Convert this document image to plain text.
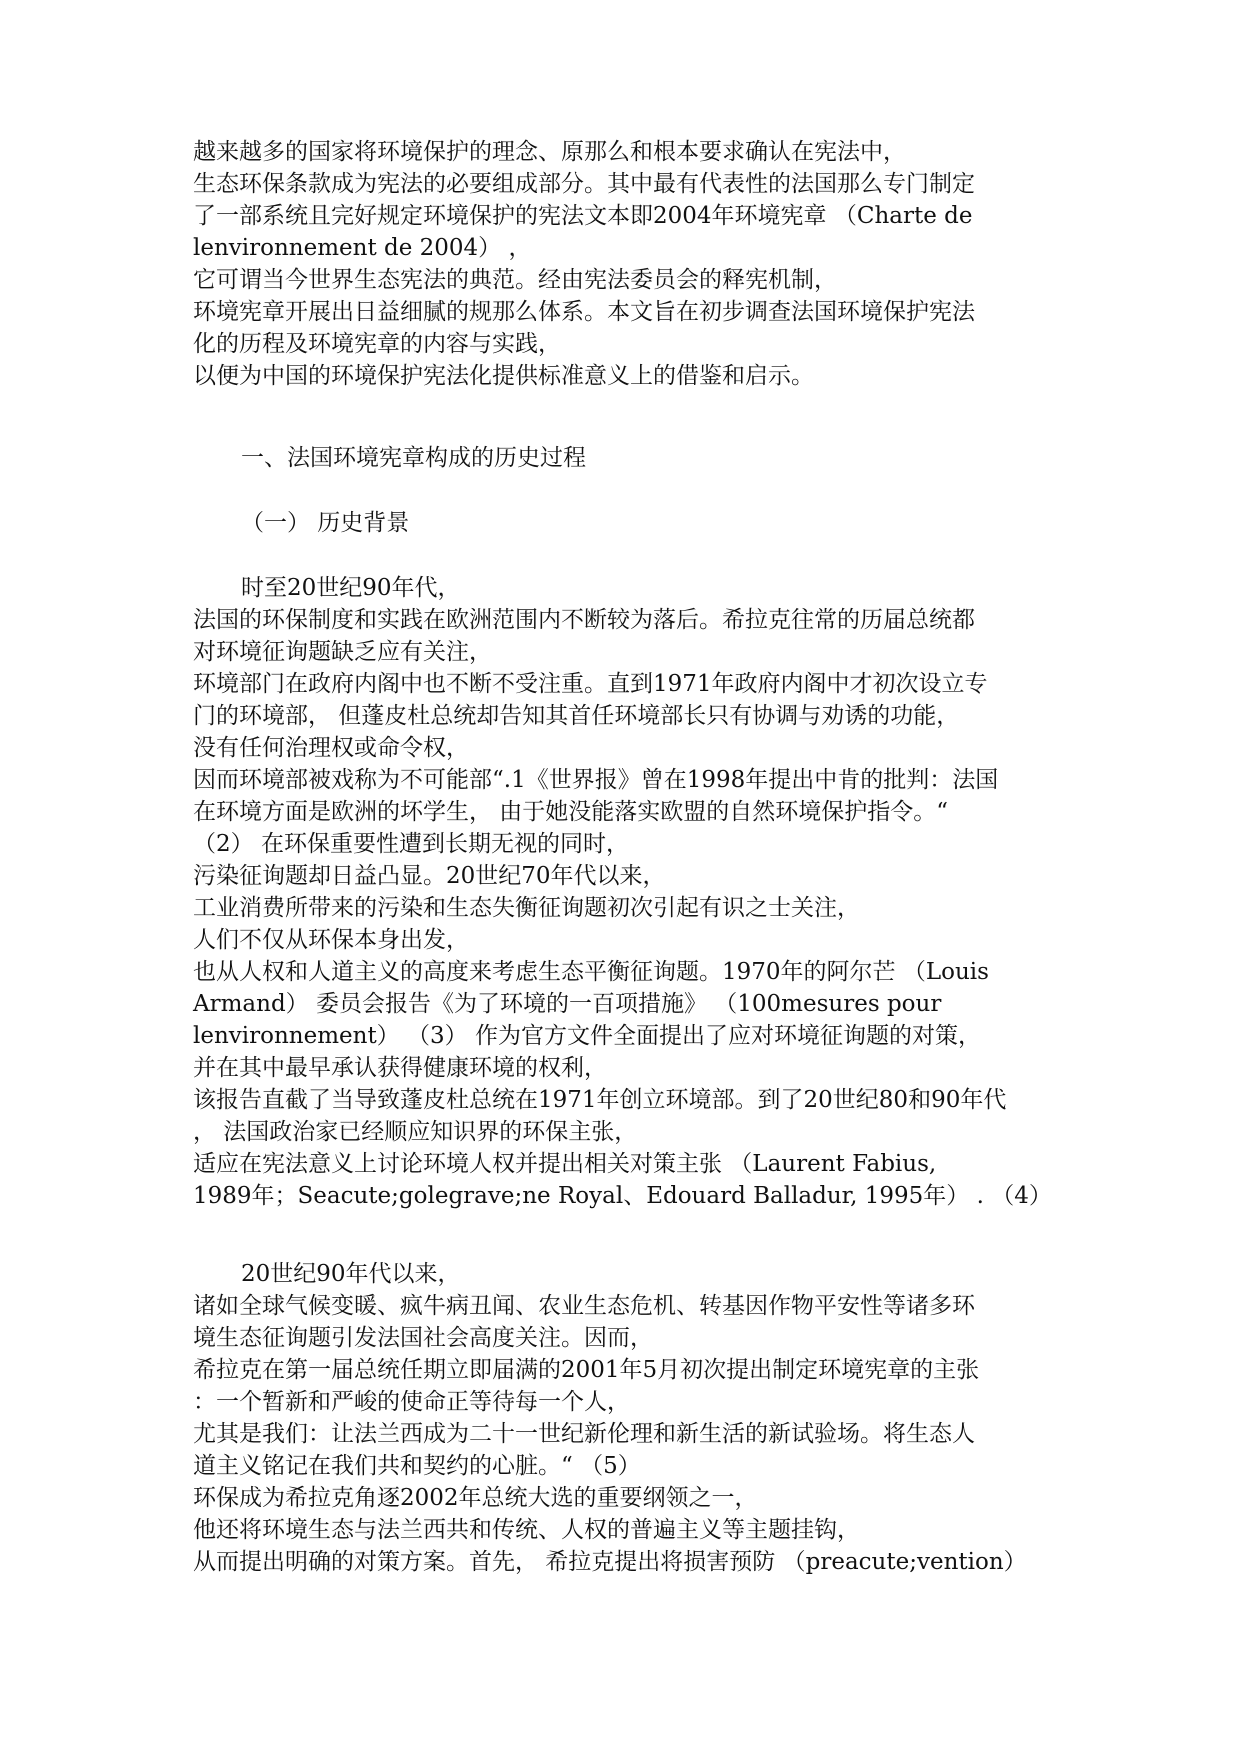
越来越多的国家将环境保护的理念、原那么和根本要求确认在宪法中，
生态环保条款成为宪法的必要组成部分。其中最有代表性的法国那么专门制定
了一部系统且完好规定环境保护的宪法文本即2004年环境宪章 （Charte de
lenvironnement de 2004） ，
它可谓当今世界生态宪法的典范。经由宪法委员会的释宪机制，
环境宪章开展出日益细腻的规那么体系。本文旨在初步调查法国环境保护宪法
化的历程及环境宪章的内容与实践，
以便为中国的环境保护宪法化提供标准意义上的借鉴和启示。
一、法国环境宪章构成的历史过程
（一） 历史背景
时至20世纪90年代，
法国的环保制度和实践在欧洲范围内不断较为落后。希拉克往常的历届总统都
对环境征询题缺乏应有关注，
环境部门在政府内阁中也不断不受注重。直到1971年政府内阁中才初次设立专
门的环境部， 但蓬皮杜总统却告知其首任环境部长只有协调与劝诱的功能，
没有任何治理权或命令权，
因而环境部被戏称为不可能部“.1《世界报》曾在1998年提出中肯的批判：法国
在环境方面是欧洲的坏学生， 由于她没能落实欧盟的自然环境保护指令。“
（2） 在环保重要性遭到长期无视的同时，
污染征询题却日益凸显。20世纪70年代以来，
工业消费所带来的污染和生态失衡征询题初次引起有识之士关注，
人们不仅从环保本身出发，
也从人权和人道主义的高度来考虑生态平衡征询题。1970年的阿尔芒 （Louis
Armand） 委员会报告《为了环境的一百项措施》 （100mesures pour
lenvironnement） （3） 作为官方文件全面提出了应对环境征询题的对策，
并在其中最早承认获得健康环境的权利，
该报告直截了当导致蓬皮杜总统在1971年创立环境部。到了20世纪80和90年代
， 法国政治家已经顺应知识界的环保主张，
适应在宪法意义上讨论环境人权并提出相关对策主张 （Laurent Fabius,
1989年；Seacute;golegrave;ne Royal、Edouard Balladur, 1995年） . （4）
20世纪90年代以来，
诸如全球气候变暖、疯牛病丑闻、农业生态危机、转基因作物平安性等诸多环
境生态征询题引发法国社会高度关注。因而，
希拉克在第一届总统任期立即届满的2001年5月初次提出制定环境宪章的主张
：一个暂新和严峻的使命正等待每一个人，
尤其是我们：让法兰西成为二十一世纪新伦理和新生活的新试验场。将生态人
道主义铭记在我们共和契约的心脏。“ （5）
环保成为希拉克角逐2002年总统大选的重要纲领之一，
他还将环境生态与法兰西共和传统、人权的普遍主义等主题挂钩，
从而提出明确的对策方案。首先， 希拉克提出将损害预防 （preacute;vention）
